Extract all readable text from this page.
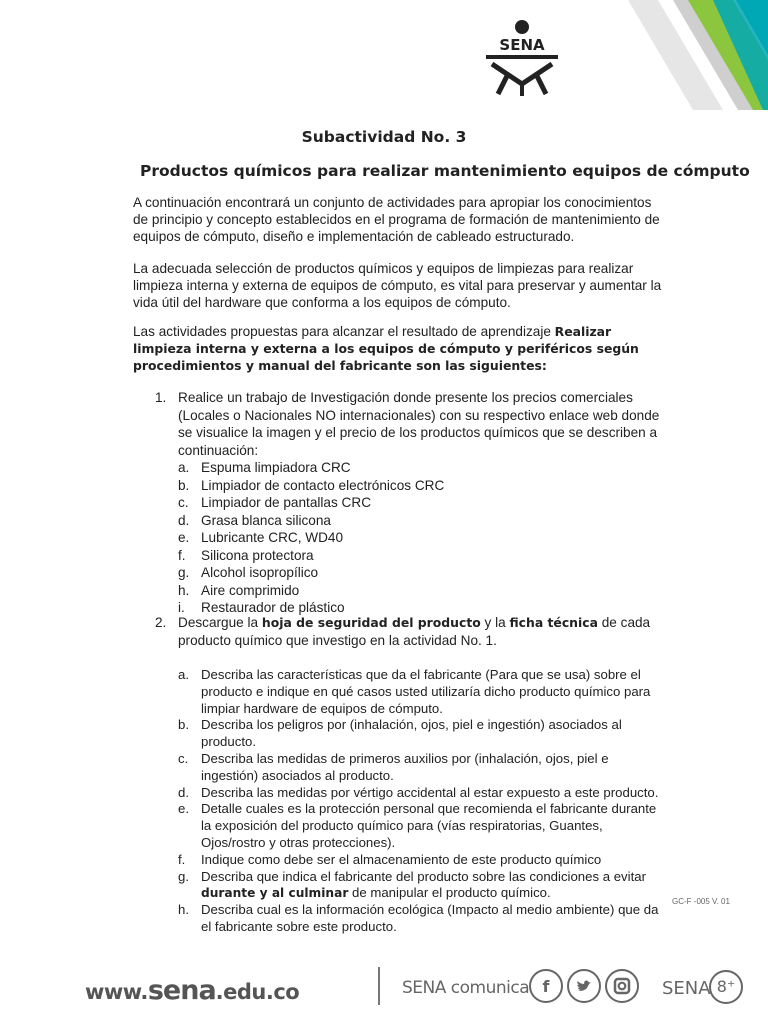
SENA
Subactividad No. 3
Productos químicos para realizar mantenimiento equipos de cómputo

A continuación encontrará un conjunto de actividades para apropiar los conocimientos de principio y concepto establecidos en el programa de formación de mantenimiento de equipos de cómputo, diseño e implementación de cableado estructurado.

La adecuada selección de productos químicos y equipos de limpiezas para realizar limpieza interna y externa de equipos de cómputo, es vital para preservar y aumentar la vida útil del hardware que conforma a los equipos de cómputo.

Las actividades propuestas para alcanzar el resultado de aprendizaje Realizar limpieza interna y externa a los equipos de cómputo y periféricos según procedimientos y manual del fabricante son las siguientes:

1. Realice un trabajo de Investigación donde presente los precios comerciales (Locales o Nacionales NO internacionales) con su respectivo enlace web donde se visualice la imagen y el precio de los productos químicos que se describen a continuación:
a. Espuma limpiadora CRC
b. Limpiador de contacto electrónicos CRC
c. Limpiador de pantallas CRC
d. Grasa blanca silicona
e. Lubricante CRC, WD40
f. Silicona protectora
g. Alcohol isopropílico
h. Aire comprimido
i. Restaurador de plástico
2. Descargue la hoja de seguridad del producto y la ficha técnica de cada producto químico que investigo en la actividad No. 1.
a. Describa las características que da el fabricante (Para que se usa) sobre el producto e indique en qué casos usted utilizaría dicho producto químico para limpiar hardware de equipos de cómputo.
b. Describa los peligros por (inhalación, ojos, piel e ingestión) asociados al producto.
c. Describa las medidas de primeros auxilios por (inhalación, ojos, piel e ingestión) asociados al producto.
d. Describa las medidas por vértigo accidental al estar expuesto a este producto.
e. Detalle cuales es la protección personal que recomienda el fabricante durante la exposición del producto químico para (vías respiratorias, Guantes, Ojos/rostro y otras protecciones).
f. Indique como debe ser el almacenamiento de este producto químico
g. Describa que indica el fabricante del producto sobre las condiciones a evitar durante y al culminar de manipular el producto químico.
h. Describa cual es la información ecológica (Impacto al medio ambiente) que da el fabricante sobre este producto.
GC-F -005 V. 01
www.sena.edu.co	SENA comunica f	SENA 8⁺
